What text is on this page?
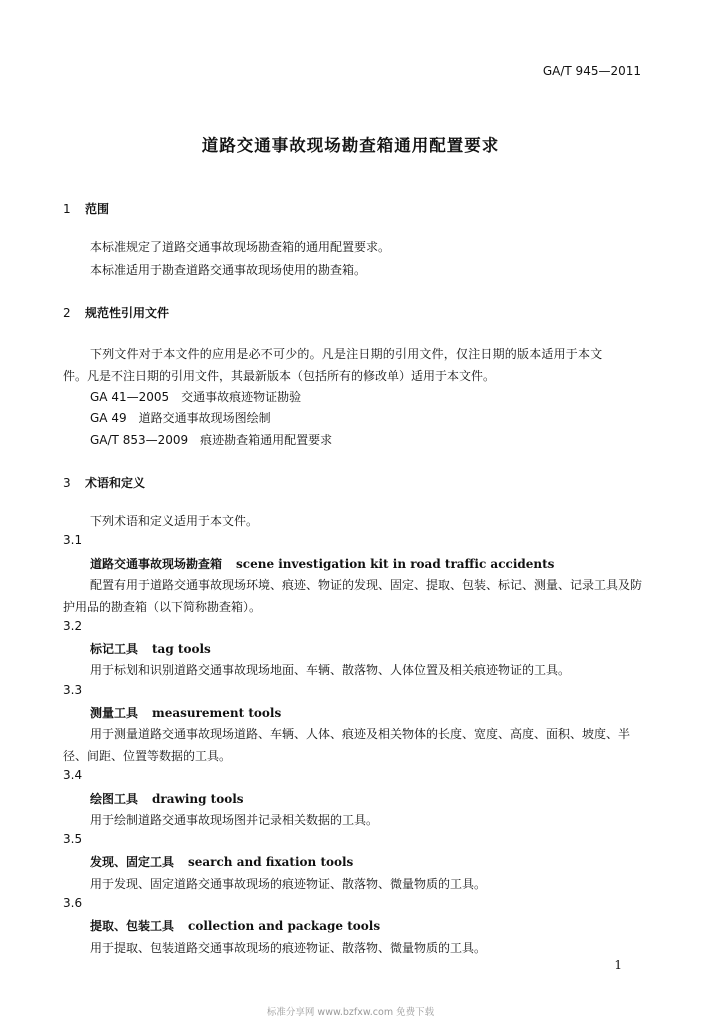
GA/T 945—2011
道路交通事故现场勘查箱通用配置要求
1 范围
本标准规定了道路交通事故现场勘查箱的通用配置要求。
本标准适用于勘查道路交通事故现场使用的勘查箱。
2 规范性引用文件
下列文件对于本文件的应用是必不可少的。凡是注日期的引用文件，仅注日期的版本适用于本文
件。凡是不注日期的引用文件，其最新版本（包括所有的修改单）适用于本文件。
GA 41—2005 交通事故痕迹物证勘验
GA 49 道路交通事故现场图绘制
GA/T 853—2009 痕迹勘查箱通用配置要求
3 术语和定义
下列术语和定义适用于本文件。
3.1
道路交通事故现场勘查箱 scene investigation kit in road traffic accidents
配置有用于道路交通事故现场环境、痕迹、物证的发现、固定、提取、包装、标记、测量、记录工具及防
护用品的勘查箱（以下简称勘查箱）。
3.2
标记工具 tag tools
用于标划和识别道路交通事故现场地面、车辆、散落物、人体位置及相关痕迹物证的工具。
3.3
测量工具 measurement tools
用于测量道路交通事故现场道路、车辆、人体、痕迹及相关物体的长度、宽度、高度、面积、坡度、半
径、间距、位置等数据的工具。
3.4
绘图工具 drawing tools
用于绘制道路交通事故现场图并记录相关数据的工具。
3.5
发现、固定工具 search and fixation tools
用于发现、固定道路交通事故现场的痕迹物证、散落物、微量物质的工具。
3.6
提取、包装工具 collection and package tools
用于提取、包装道路交通事故现场的痕迹物证、散落物、微量物质的工具。
1
标准分享网 www.bzfxw.com 免费下载
